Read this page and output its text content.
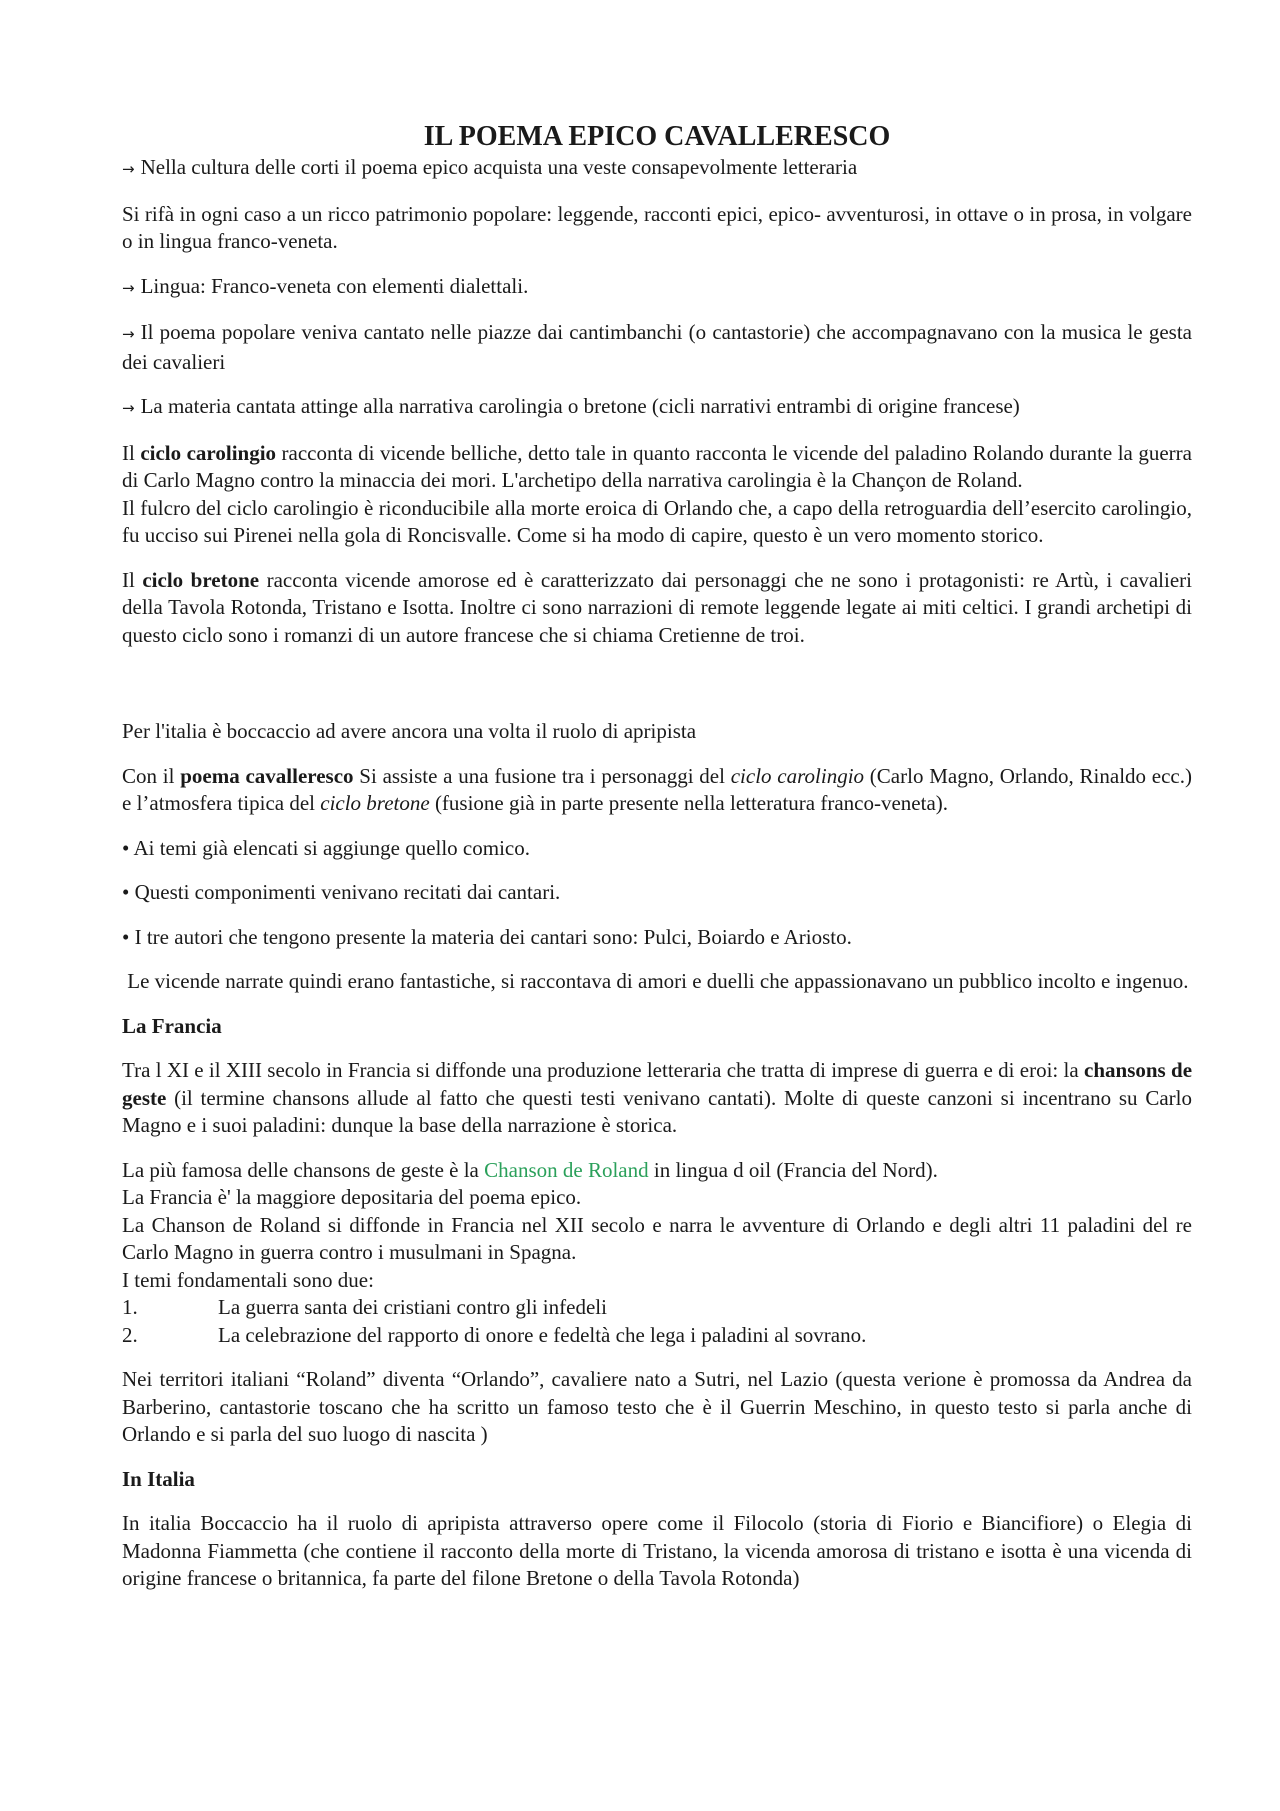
IL POEMA EPICO CAVALLERESCO

→ Nella cultura delle corti il poema epico acquista una veste consapevolmente letteraria

Si rifà in ogni caso a un ricco patrimonio popolare: leggende, racconti epici, epico- avventurosi, in ottave o in prosa, in volgare o in lingua franco-veneta.

→ Lingua: Franco-veneta con elementi dialettali.

→ Il poema popolare veniva cantato nelle piazze dai cantimbanchi (o cantastorie) che accompagnavano con la musica le gesta dei cavalieri

→ La materia cantata attinge alla narrativa carolingia o bretone (cicli narrativi entrambi di origine francese)

Il ciclo carolingio racconta di vicende belliche, detto tale in quanto racconta le vicende del paladino Rolando durante la guerra di Carlo Magno contro la minaccia dei mori. L'archetipo della narrativa carolingia è la Chançon de Roland.

Il fulcro del ciclo carolingio è riconducibile alla morte eroica di Orlando che, a capo della retroguardia dell’esercito carolingio, fu ucciso sui Pirenei nella gola di Roncisvalle. Come si ha modo di capire, questo è un vero momento storico.

Il ciclo bretone racconta vicende amorose ed è caratterizzato dai personaggi che ne sono i protagonisti: re Artù, i cavalieri della Tavola Rotonda, Tristano e Isotta. Inoltre ci sono narrazioni di remote leggende legate ai miti celtici. I grandi archetipi di questo ciclo sono i romanzi di un autore francese che si chiama Cretienne de troi.

Per l'italia è boccaccio ad avere ancora una volta il ruolo di apripista

Con il poema cavalleresco Si assiste a una fusione tra i personaggi del ciclo carolingio (Carlo Magno, Orlando, Rinaldo ecc.) e l’atmosfera tipica del ciclo bretone (fusione già in parte presente nella letteratura franco-veneta).

• Ai temi già elencati si aggiunge quello comico.

• Questi componimenti venivano recitati dai cantari.

• I tre autori che tengono presente la materia dei cantari sono: Pulci, Boiardo e Ariosto.

Le vicende narrate quindi erano fantastiche, si raccontava di amori e duelli che appassionavano un pubblico incolto e ingenuo.

La Francia

Tra l XI e il XIII secolo in Francia si diffonde una produzione letteraria che tratta di imprese di guerra e di eroi: la chansons de geste (il termine chansons allude al fatto che questi testi venivano cantati). Molte di queste canzoni si incentrano su Carlo Magno e i suoi paladini: dunque la base della narrazione è storica.

La più famosa delle chansons de geste è la Chanson de Roland in lingua d oil (Francia del Nord).

La Francia è' la maggiore depositaria del poema epico.

La Chanson de Roland si diffonde in Francia nel XII secolo e narra le avventure di Orlando e degli altri 11 paladini del re Carlo Magno in guerra contro i musulmani in Spagna.

I temi fondamentali sono due:

1.	La guerra santa dei cristiani contro gli infedeli
2.	La celebrazione del rapporto di onore e fedeltà che lega i paladini al sovrano.

Nei territori italiani “Roland” diventa “Orlando”, cavaliere nato a Sutri, nel Lazio (questa verione è promossa da Andrea da Barberino, cantastorie toscano che ha scritto un famoso testo che è il Guerrin Meschino, in questo testo si parla anche di Orlando e si parla del suo luogo di nascita )

In Italia

In italia Boccaccio ha il ruolo di apripista attraverso opere come il Filocolo (storia di Fiorio e Biancifiore) o Elegia di Madonna Fiammetta (che contiene il racconto della morte di Tristano, la vicenda amorosa di tristano e isotta è una vicenda di origine francese o britannica, fa parte del filone Bretone o della Tavola Rotonda)
